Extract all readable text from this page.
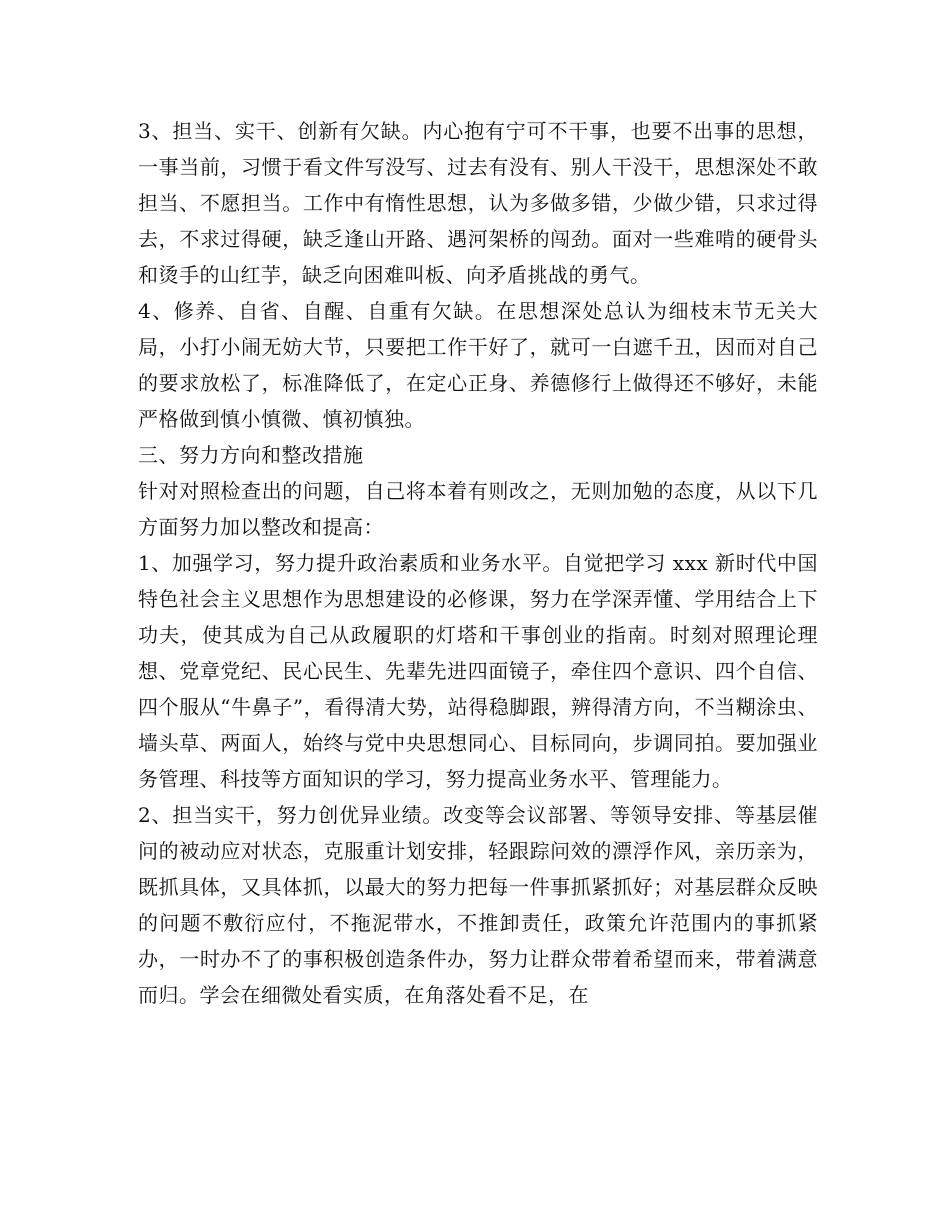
3、担当、实干、创新有欠缺。内心抱有宁可不干事，也要不出事的思想，一事当前，习惯于看文件写没写、过去有没有、别人干没干，思想深处不敢担当、不愿担当。工作中有惰性思想，认为多做多错，少做少错，只求过得去，不求过得硬，缺乏逢山开路、遇河架桥的闯劲。面对一些难啃的硬骨头和烫手的山红芋，缺乏向困难叫板、向矛盾挑战的勇气。

4、修养、自省、自醒、自重有欠缺。在思想深处总认为细枝末节无关大局，小打小闹无妨大节，只要把工作干好了，就可一白遮千丑，因而对自己的要求放松了，标准降低了，在定心正身、养德修行上做得还不够好，未能严格做到慎小慎微、慎初慎独。

三、努力方向和整改措施

针对对照检查出的问题，自己将本着有则改之，无则加勉的态度，从以下几方面努力加以整改和提高：

1、加强学习，努力提升政治素质和业务水平。自觉把学习 xxx 新时代中国特色社会主义思想作为思想建设的必修课，努力在学深弄懂、学用结合上下功夫，使其成为自己从政履职的灯塔和干事创业的指南。时刻对照理论理想、党章党纪、民心民生、先辈先进四面镜子，牵住四个意识、四个自信、四个服从“牛鼻子”，看得清大势，站得稳脚跟，辨得清方向，不当糊涂虫、墙头草、两面人，始终与党中央思想同心、目标同向，步调同拍。要加强业务管理、科技等方面知识的学习，努力提高业务水平、管理能力。

2、担当实干，努力创优异业绩。改变等会议部署、等领导安排、等基层催问的被动应对状态，克服重计划安排，轻跟踪问效的漂浮作风，亲历亲为，既抓具体，又具体抓，以最大的努力把每一件事抓紧抓好；对基层群众反映的问题不敷衍应付，不拖泥带水，不推卸责任，政策允许范围内的事抓紧办，一时办不了的事积极创造条件办，努力让群众带着希望而来，带着满意而归。学会在细微处看实质，在角落处看不足，在
